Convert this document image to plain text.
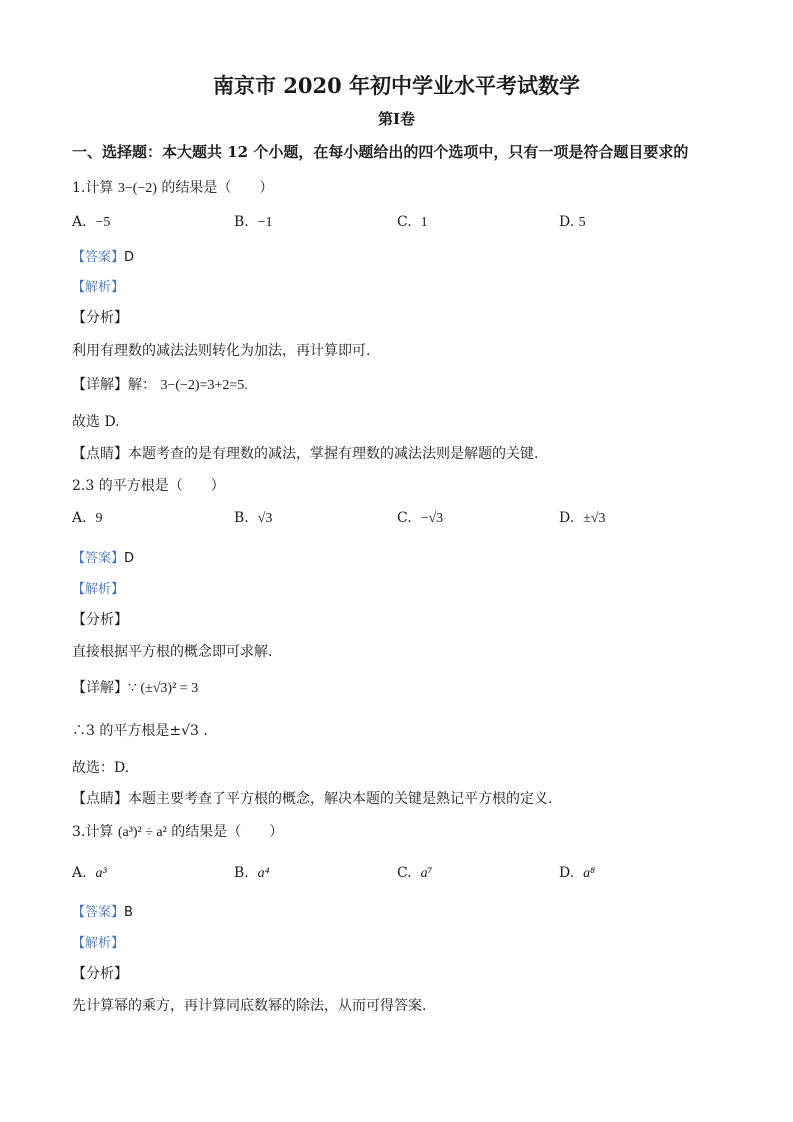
南京市 2020 年初中学业水平考试数学
第Ⅰ卷
一、选择题：本大题共 12 个小题，在每小题给出的四个选项中，只有一项是符合题目要求的
1.计算 3−(−2) 的结果是（　　）
A. −5	B. −1	C. 1	D. 5
【答案】D
【解析】
【分析】
利用有理数的减法法则转化为加法，再计算即可.
【详解】解： 3−(−2)=3+2=5.
故选 D.
【点睛】本题考查的是有理数的减法，掌握有理数的减法法则是解题的关键.
2.3 的平方根是（　　）
A. 9	B. √3	C. −√3	D. ±√3
【答案】D
【解析】
【分析】
直接根据平方根的概念即可求解.
【详解】∵ (±√3)² = 3
∴3 的平方根是±√3 .
故选：D.
【点睛】本题主要考查了平方根的概念，解决本题的关键是熟记平方根的定义.
3.计算 (a³)² ÷ a² 的结果是（　　）
A. a³	B. a⁴	C. a⁷	D. a⁸
【答案】B
【解析】
【分析】
先计算幂的乘方，再计算同底数幂的除法，从而可得答案.
